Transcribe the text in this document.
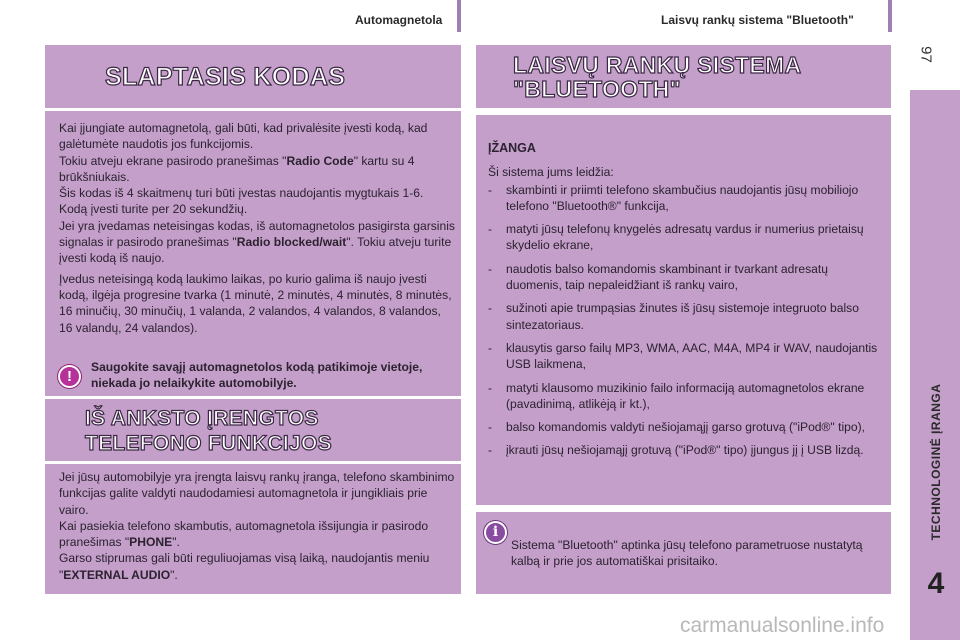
Automagnetola	Laisvų rankų sistema "Bluetooth"
97
SLAPTASIS KODAS

Kai įjungiate automagnetolą, gali būti, kad privalėsite įvesti kodą, kad galėtumėte naudotis jos funkcijomis.
Tokiu atveju ekrane pasirodo pranešimas "Radio Code" kartu su 4 brūkšniukais.
Šis kodas iš 4 skaitmenų turi būti įvestas naudojantis mygtukais 1-6.
Kodą įvesti turite per 20 sekundžių.
Jei yra įvedamas neteisingas kodas, iš automagnetolos pasigirsta garsinis signalas ir pasirodo pranešimas "Radio blocked/wait". Tokiu atveju turite įvesti kodą iš naujo.

Įvedus neteisingą kodą laukimo laikas, po kurio galima iš naujo įvesti kodą, ilgėja progresine tvarka (1 minutė, 2 minutės, 4 minutės, 8 minutės, 16 minučių, 30 minučių, 1 valanda, 2 valandos, 4 valandos, 8 valandos, 16 valandų, 24 valandos).

!
Saugokite savąjį automagnetolos kodą patikimoje vietoje, niekada jo nelaikykite automobilyje.
IŠ ANKSTO ĮRENGTOS
TELEFONO FUNKCIJOS
Jei jūsų automobilyje yra įrengta laisvų rankų įranga, telefono skambinimo funkcijas galite valdyti naudodamiesi automagnetola ir jungikliais prie vairo.
Kai pasiekia telefono skambutis, automagnetola išsijungia ir pasirodo pranešimas "PHONE".
Garso stiprumas gali būti reguliuojamas visą laiką, naudojantis meniu "EXTERNAL AUDIO".
LAISVŲ RANKŲ SISTEMA
"BLUETOOTH"
ĮŽANGA
Ši sistema jums leidžia:
- skambinti ir priimti telefono skambučius naudojantis jūsų mobiliojo telefono "Bluetooth®" funkcija,
- matyti jūsų telefonų knygelės adresatų vardus ir numerius prietaisų skydelio ekrane,
- naudotis balso komandomis skambinant ir tvarkant adresatų duomenis, taip nepaleidžiant iš rankų vairo,
- sužinoti apie trumpąsias žinutes iš jūsų sistemoje integruoto balso sintezatoriaus.
- klausytis garso failų MP3, WMA, AAC, M4A, MP4 ir WAV, naudojantis USB laikmena,
- matyti klausomo muzikinio failo informaciją automagnetolos ekrane (pavadinimą, atlikėją ir kt.),
- balso komandomis valdyti nešiojamąjį garso grotuvą ("iPod®" tipo),
- įkrauti jūsų nešiojamąjį grotuvą ("iPod®" tipo) įjungus jį į USB lizdą.
i
Sistema "Bluetooth" aptinka jūsų telefono parametruose nustatytą kalbą ir prie jos automatiškai prisitaiko.
TECHNOLOGINĖ ĮRANGA
4
carmanualsonline.info
